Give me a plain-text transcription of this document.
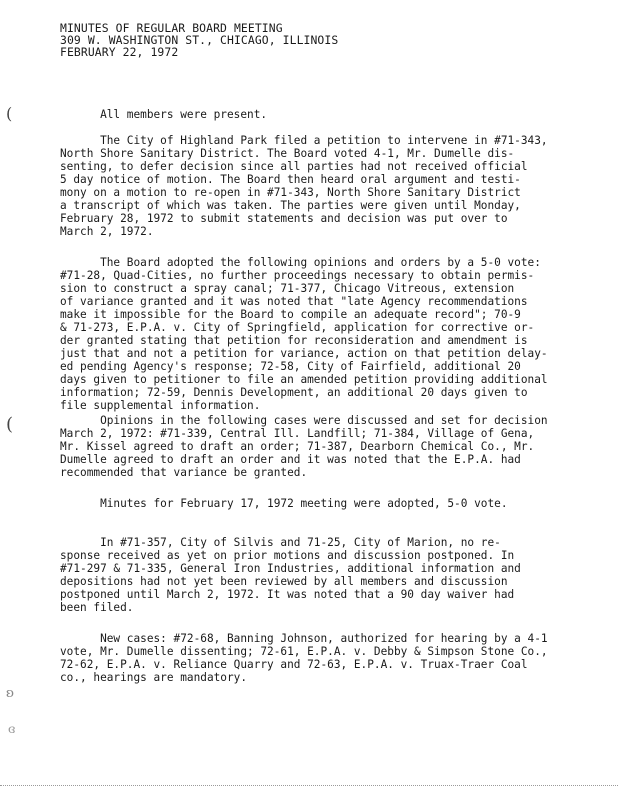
MINUTES OF REGULAR BOARD MEETING
309 W. WASHINGTON ST., CHICAGO, ILLINOIS
FEBRUARY 22, 1972
(
(
ʚ
ɞ
All members were present.
The City of Highland Park filed a petition to intervene in #71-343,
North Shore Sanitary District. The Board voted 4-1, Mr. Dumelle dis-
senting, to defer decision since all parties had not received official
5 day notice of motion. The Board then heard oral argument and testi-
mony on a motion to re-open in #71-343, North Shore Sanitary District
a transcript of which was taken. The parties were given until Monday,
February 28, 1972 to submit statements and decision was put over to
March 2, 1972.
The Board adopted the following opinions and orders by a 5-0 vote:
#71-28, Quad-Cities, no further proceedings necessary to obtain permis-
sion to construct a spray canal; 71-377, Chicago Vitreous, extension
of variance granted and it was noted that "late Agency recommendations
make it impossible for the Board to compile an adequate record"; 70-9
& 71-273, E.P.A. v. City of Springfield, application for corrective or-
der granted stating that petition for reconsideration and amendment is
just that and not a petition for variance, action on that petition delay-
ed pending Agency's response; 72-58, City of Fairfield, additional 20
days given to petitioner to file an amended petition providing additional
information; 72-59, Dennis Development, an additional 20 days given to
file supplemental information.
Opinions in the following cases were discussed and set for decision
March 2, 1972: #71-339, Central Ill. Landfill; 71-384, Village of Gena,
Mr. Kissel agreed to draft an order; 71-387, Dearborn Chemical Co., Mr.
Dumelle agreed to draft an order and it was noted that the E.P.A. had
recommended that variance be granted.
Minutes for February 17, 1972 meeting were adopted, 5-0 vote.
In #71-357, City of Silvis and 71-25, City of Marion, no re-
sponse received as yet on prior motions and discussion postponed. In
#71-297 & 71-335, General Iron Industries, additional information and
depositions had not yet been reviewed by all members and discussion
postponed until March 2, 1972. It was noted that a 90 day waiver had
been filed.
New cases: #72-68, Banning Johnson, authorized for hearing by a 4-1
vote, Mr. Dumelle dissenting; 72-61, E.P.A. v. Debby & Simpson Stone Co.,
72-62, E.P.A. v. Reliance Quarry and 72-63, E.P.A. v. Truax-Traer Coal
co., hearings are mandatory.
